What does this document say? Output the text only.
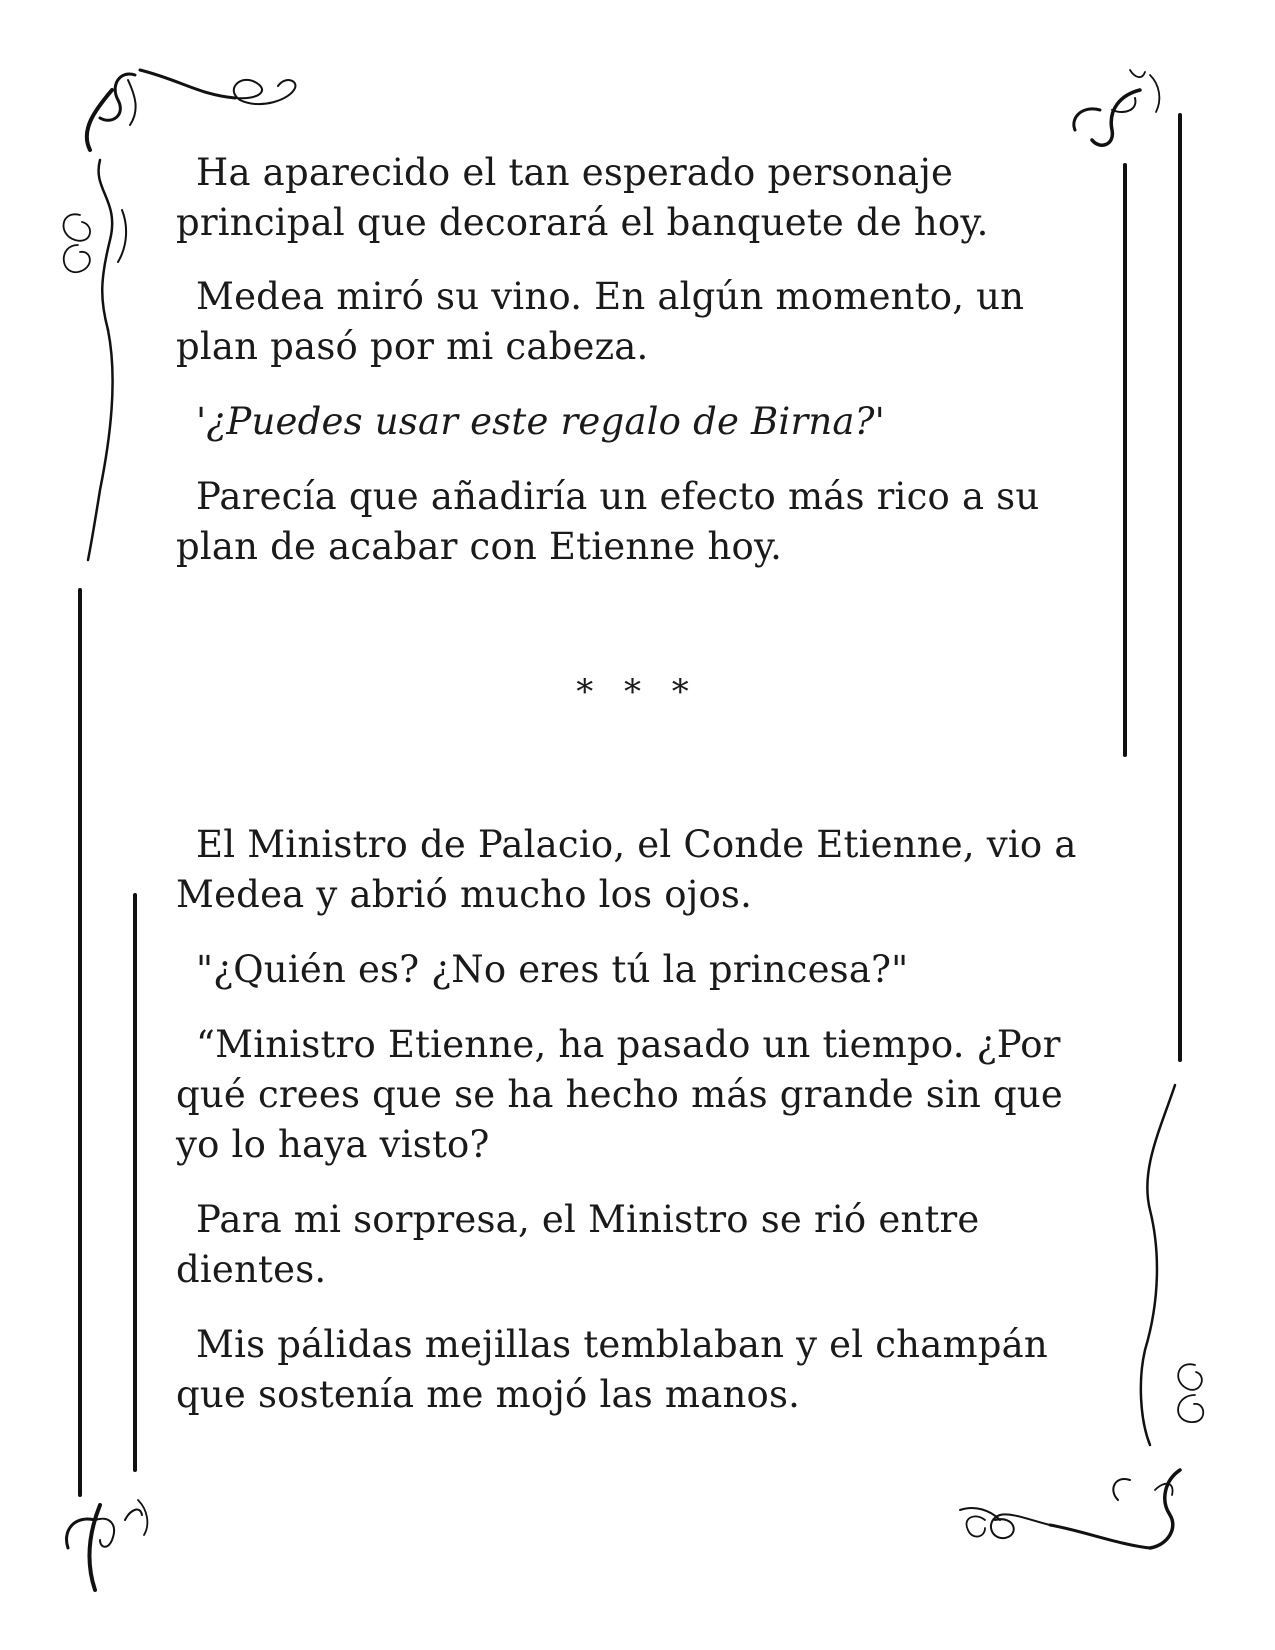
Ha aparecido el tan esperado personaje
principal que decorará el banquete de hoy.
Medea miró su vino. En algún momento, un
plan pasó por mi cabeza.
'¿Puedes usar este regalo de Birna?'
Parecía que añadiría un efecto más rico a su
plan de acabar con Etienne hoy.
* * *
El Ministro de Palacio, el Conde Etienne, vio a
Medea y abrió mucho los ojos.
"¿Quién es? ¿No eres tú la princesa?"
“Ministro Etienne, ha pasado un tiempo. ¿Por
qué crees que se ha hecho más grande sin que
yo lo haya visto?
Para mi sorpresa, el Ministro se rió entre
dientes.
Mis pálidas mejillas temblaban y el champán
que sostenía me mojó las manos.
